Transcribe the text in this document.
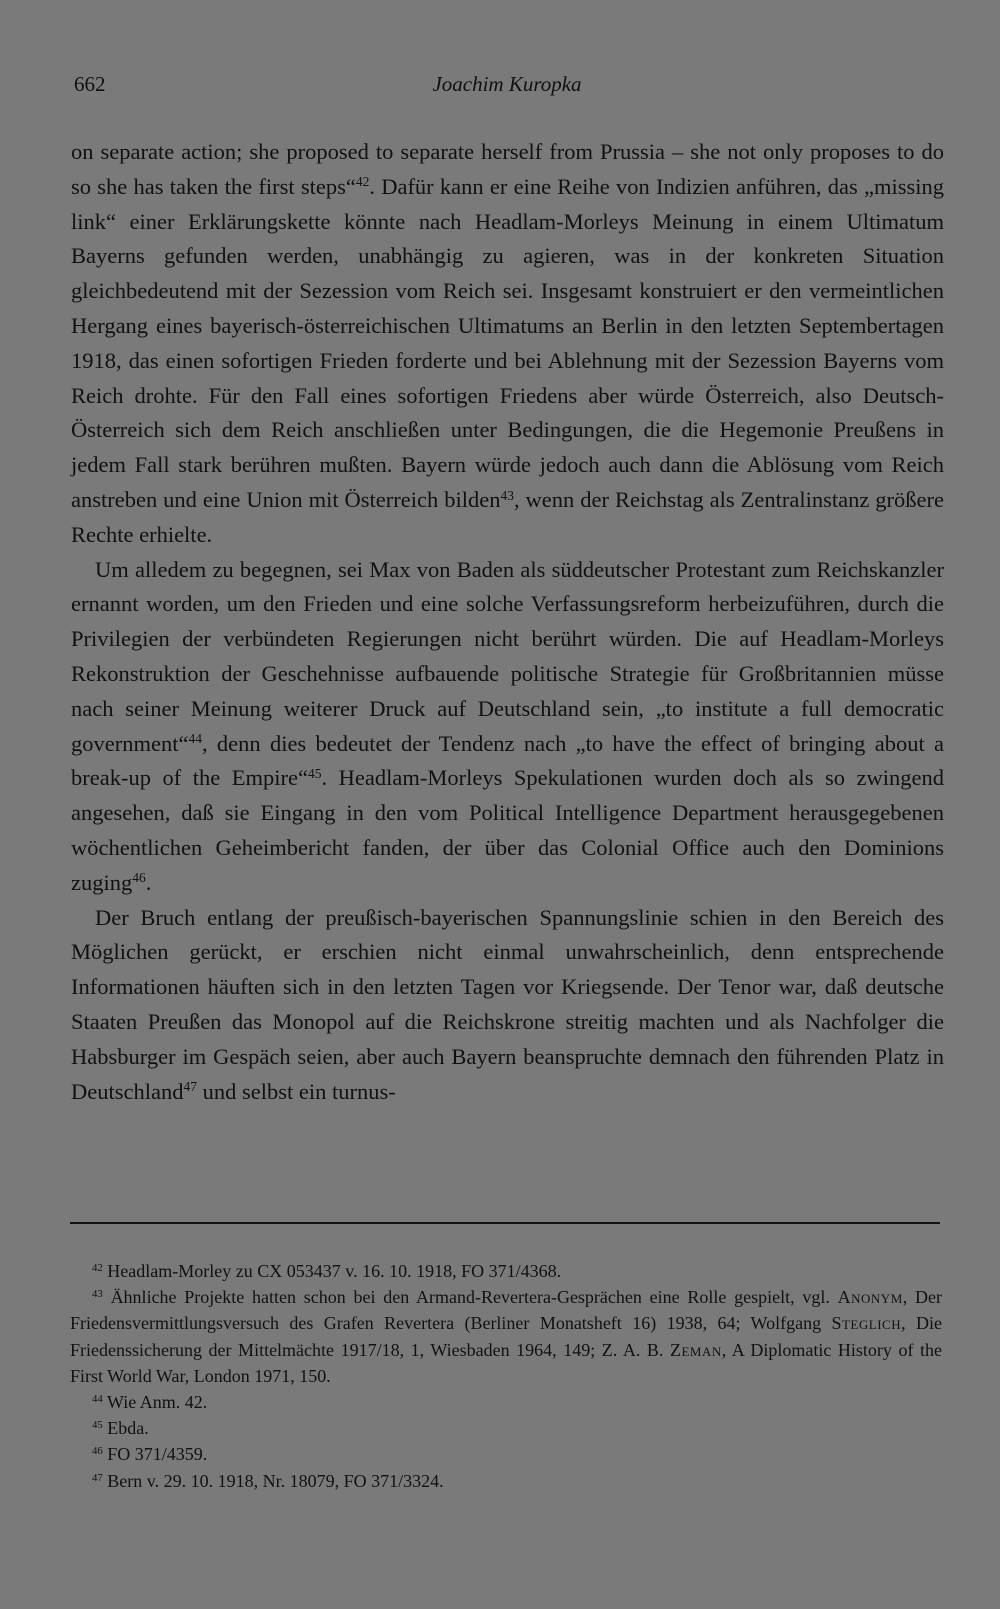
662	Joachim Kuropka

on separate action; she proposed to separate herself from Prussia – she not only proposes to do so she has taken the first steps“$^{42}$. Dafür kann er eine Reihe von Indizien anführen, das „missing link“ einer Erklärungskette könnte nach Headlam-Morleys Meinung in einem Ultimatum Bayerns gefunden werden, unabhängig zu agieren, was in der konkreten Situation gleichbedeutend mit der Sezession vom Reich sei. Insgesamt konstruiert er den vermeintlichen Hergang eines bayerisch-österreichischen Ultimatums an Berlin in den letzten Septembertagen 1918, das einen sofortigen Frieden forderte und bei Ablehnung mit der Sezession Bayerns vom Reich drohte. Für den Fall eines sofortigen Friedens aber würde Österreich, also Deutsch-Österreich sich dem Reich anschließen unter Bedingungen, die die Hegemonie Preußens in jedem Fall stark berühren mußten. Bayern würde jedoch auch dann die Ablösung vom Reich anstreben und eine Union mit Österreich bilden$^{43}$, wenn der Reichstag als Zentralinstanz größere Rechte erhielte.

Um alledem zu begegnen, sei Max von Baden als süddeutscher Protestant zum Reichskanzler ernannt worden, um den Frieden und eine solche Verfassungsreform herbeizuführen, durch die Privilegien der verbündeten Regierungen nicht berührt würden. Die auf Headlam-Morleys Rekonstruktion der Geschehnisse aufbauende politische Strategie für Großbritannien müsse nach seiner Meinung weiterer Druck auf Deutschland sein, „to institute a full democratic government“$^{44}$, denn dies bedeutet der Tendenz nach „to have the effect of bringing about a break-up of the Empire“$^{45}$. Headlam-Morleys Spekulationen wurden doch als so zwingend angesehen, daß sie Eingang in den vom Political Intelligence Department herausgegebenen wöchentlichen Geheimbericht fanden, der über das Colonial Office auch den Dominions zuging$^{46}$.

Der Bruch entlang der preußisch-bayerischen Spannungslinie schien in den Bereich des Möglichen gerückt, er erschien nicht einmal unwahrscheinlich, denn entsprechende Informationen häuften sich in den letzten Tagen vor Kriegsende. Der Tenor war, daß deutsche Staaten Preußen das Monopol auf die Reichskrone streitig machten und als Nachfolger die Habsburger im Gespäch seien, aber auch Bayern beanspruchte demnach den führenden Platz in Deutschland$^{47}$ und selbst ein turnus-

$^{42}$ Headlam-Morley zu CX 053437 v. 16. 10. 1918, FO 371/4368.

$^{43}$ Ähnliche Projekte hatten schon bei den Armand-Revertera-Gesprächen eine Rolle gespielt, vgl. Anonym, Der Friedensvermittlungsversuch des Grafen Revertera (Berliner Monatsheft 16) 1938, 64; Wolfgang Steglich, Die Friedenssicherung der Mittelmächte 1917/18, 1, Wiesbaden 1964, 149; Z. A. B. Zeman, A Diplomatic History of the First World War, London 1971, 150.

$^{44}$ Wie Anm. 42.

$^{45}$ Ebda.

$^{46}$ FO 371/4359.

$^{47}$ Bern v. 29. 10. 1918, Nr. 18079, FO 371/3324.
